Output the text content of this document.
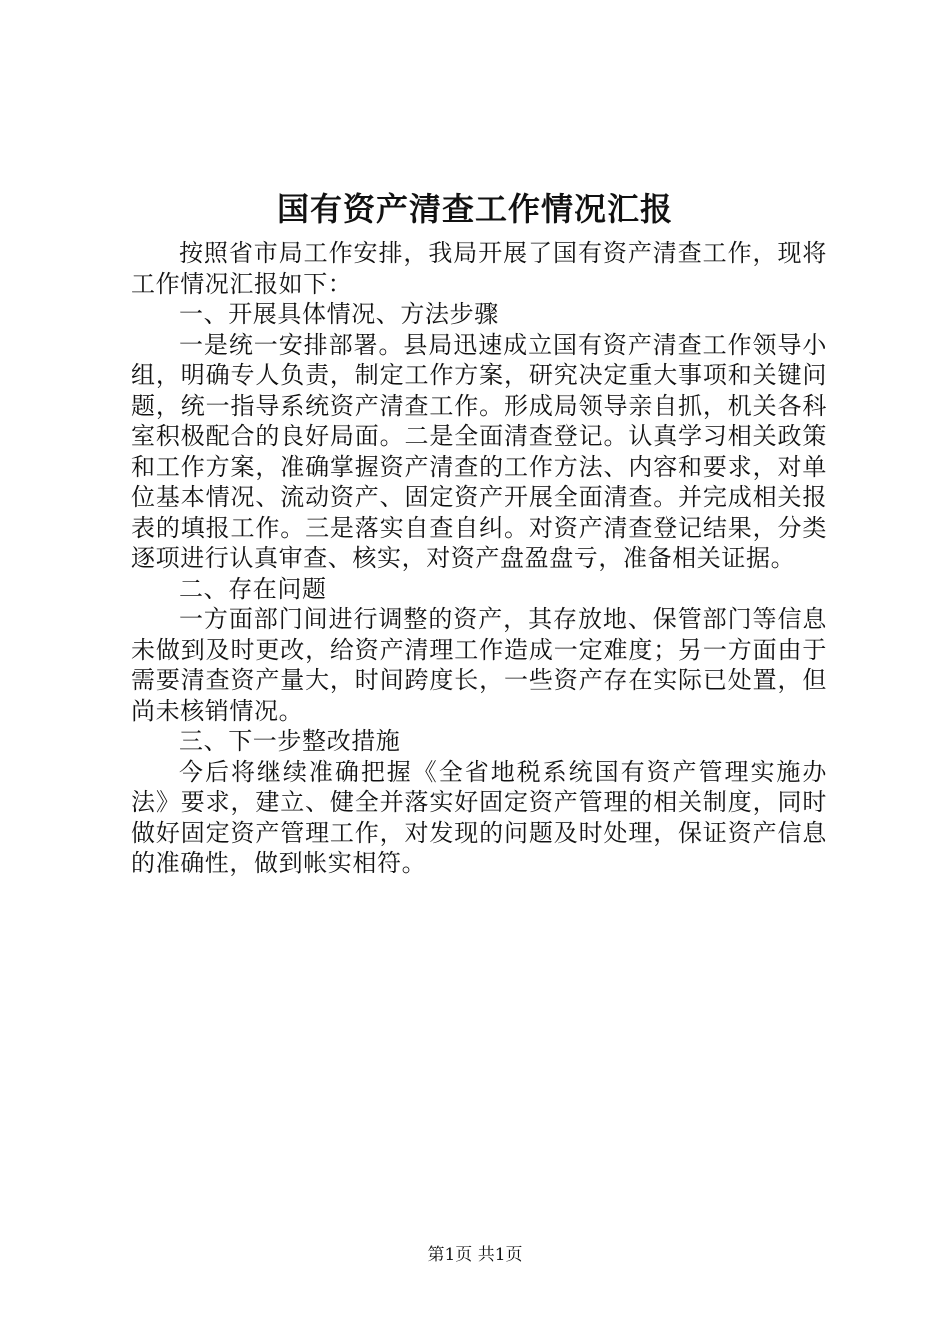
国有资产清查工作情况汇报

按照省市局工作安排，我局开展了国有资产清查工作，现将工作情况汇报如下：

一、开展具体情况、方法步骤

一是统一安排部署。县局迅速成立国有资产清查工作领导小组，明确专人负责，制定工作方案，研究决定重大事项和关键问题，统一指导系统资产清查工作。形成局领导亲自抓，机关各科室积极配合的良好局面。二是全面清查登记。认真学习相关政策和工作方案，准确掌握资产清查的工作方法、内容和要求，对单位基本情况、流动资产、固定资产开展全面清查。并完成相关报表的填报工作。三是落实自查自纠。对资产清查登记结果，分类逐项进行认真审查、核实，对资产盘盈盘亏，准备相关证据。

二、存在问题

一方面部门间进行调整的资产，其存放地、保管部门等信息未做到及时更改，给资产清理工作造成一定难度；另一方面由于需要清查资产量大，时间跨度长，一些资产存在实际已处置，但尚未核销情况。

三、下一步整改措施

今后将继续准确把握《全省地税系统国有资产管理实施办法》要求，建立、健全并落实好固定资产管理的相关制度，同时做好固定资产管理工作，对发现的问题及时处理，保证资产信息的准确性，做到帐实相符。

第1页 共1页
